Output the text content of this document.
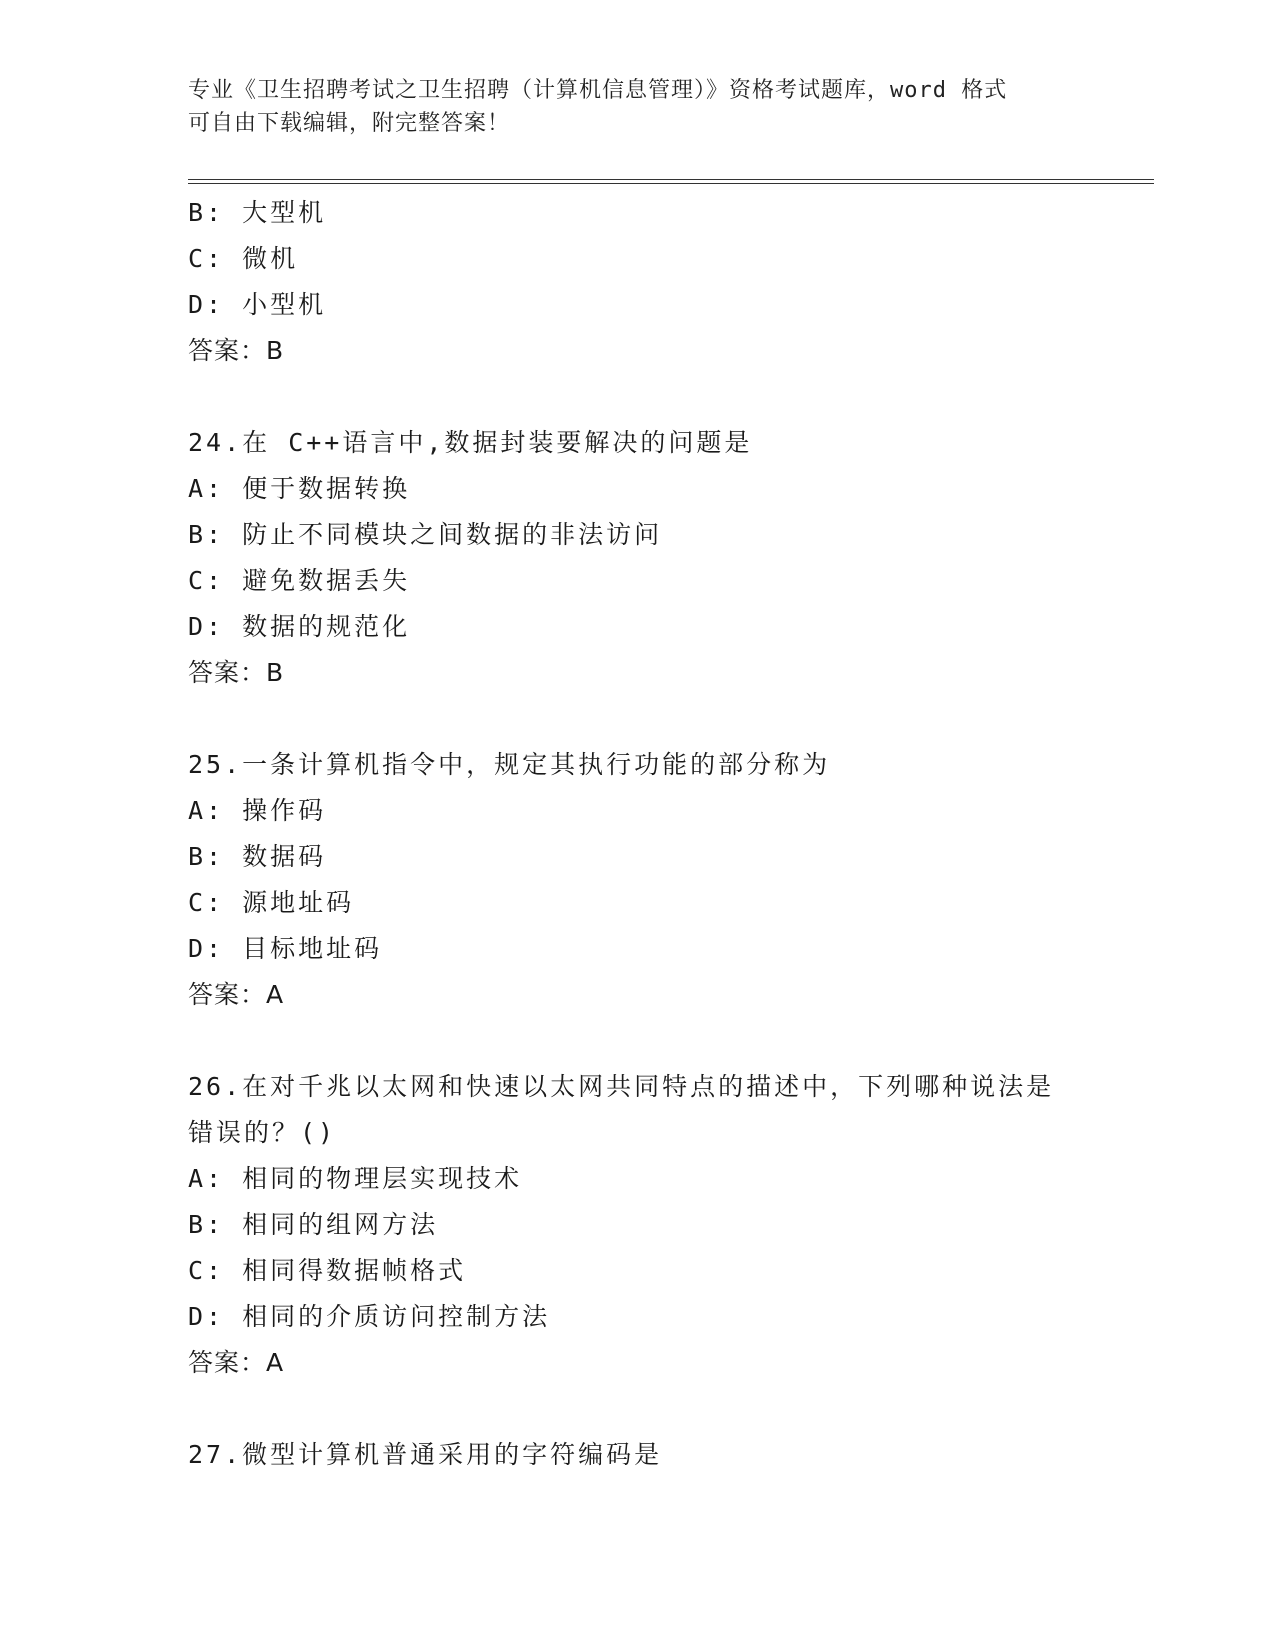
专业《卫生招聘考试之卫生招聘（计算机信息管理）》资格考试题库，word 格式
可自由下载编辑，附完整答案！
B: 大型机
C: 微机
D: 小型机
答案：B
24.在 C++语言中,数据封装要解决的问题是
A: 便于数据转换
B: 防止不同模块之间数据的非法访问
C: 避免数据丢失
D: 数据的规范化
答案：B
25.一条计算机指令中，规定其执行功能的部分称为
A: 操作码
B: 数据码
C: 源地址码
D: 目标地址码
答案：A
26.在对千兆以太网和快速以太网共同特点的描述中，下列哪种说法是
错误的？()
A: 相同的物理层实现技术
B: 相同的组网方法
C: 相同得数据帧格式
D: 相同的介质访问控制方法
答案：A
27.微型计算机普通采用的字符编码是
